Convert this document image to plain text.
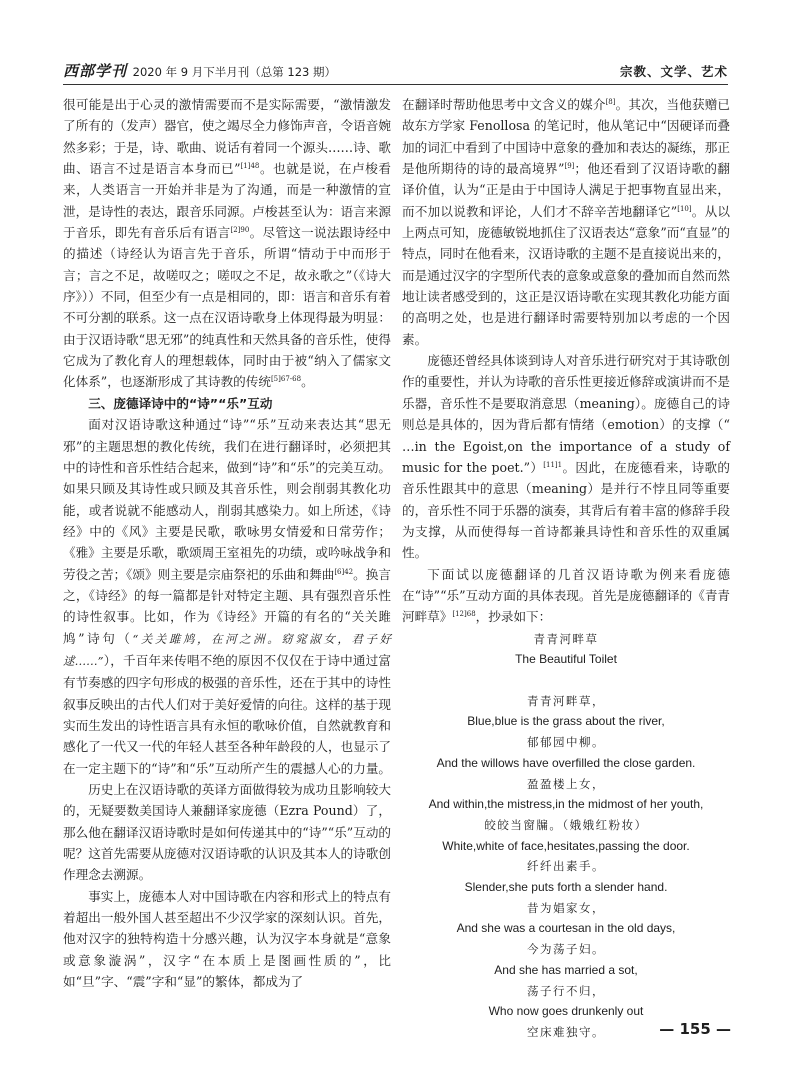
西部学刊 2020 年 9 月下半月刊（总第 123 期）	宗教、文学、艺术

很可能是出于心灵的激情需要而不是实际需要，“激情激发了所有的（发声）器官，使之竭尽全力修饰声音，令语音婉然多彩；于是，诗、歌曲、说话有着同一个源头……诗、歌曲、语言不过是语言本身而已”$^{[1]48}$。也就是说，在卢梭看来，人类语言一开始并非是为了沟通，而是一种激情的宣泄，是诗性的表达，跟音乐同源。卢梭甚至认为：语言来源于音乐，即先有音乐后有语言$^{[2]90}$。尽管这一说法跟诗经中的描述（诗经认为语言先于音乐，所谓“情动于中而形于言；言之不足，故嗟叹之；嗟叹之不足，故永歌之”（《诗大序》））不同，但至少有一点是相同的，即：语言和音乐有着不可分割的联系。这一点在汉语诗歌身上体现得最为明显：由于汉语诗歌“思无邪”的纯真性和天然具备的音乐性，使得它成为了教化育人的理想载体，同时由于被“纳入了儒家文化体系”，也逐渐形成了其诗教的传统$^{[5]67-68}$。

三、庞德译诗中的“诗”“乐”互动

面对汉语诗歌这种通过“诗”“乐”互动来表达其“思无邪”的主题思想的教化传统，我们在进行翻译时，必须把其中的诗性和音乐性结合起来，做到“诗”和“乐”的完美互动。如果只顾及其诗性或只顾及其音乐性，则会削弱其教化功能，或者说就不能感动人，削弱其感染力。如上所述，《诗经》中的《风》主要是民歌，歌咏男女情爱和日常劳作；《雅》主要是乐歌，歌颂周王室祖先的功绩，或吟咏战争和劳役之苦；《颂》则主要是宗庙祭祀的乐曲和舞曲$^{[6]42}$。换言之，《诗经》的每一篇都是针对特定主题、具有强烈音乐性的诗性叙事。比如，作为《诗经》开篇的有名的“关关雎鸠”诗句（“关关雎鸠，在河之洲。窈窕淑女，君子好逑……”），千百年来传唱不绝的原因不仅仅在于诗中通过富有节奏感的四字句形成的极强的音乐性，还在于其中的诗性叙事反映出的古代人们对于美好爱情的向往。这样的基于现实而生发出的诗性语言具有永恒的歌咏价值，自然就教育和感化了一代又一代的年轻人甚至各种年龄段的人，也显示了在一定主题下的“诗”和“乐”互动所产生的震撼人心的力量。

历史上在汉语诗歌的英译方面做得较为成功且影响较大的，无疑要数美国诗人兼翻译家庞德（Ezra Pound）了，那么他在翻译汉语诗歌时是如何传递其中的“诗”“乐”互动的呢？这首先需要从庞德对汉语诗歌的认识及其本人的诗歌创作理念去溯源。

事实上，庞德本人对中国诗歌在内容和形式上的特点有着超出一般外国人甚至超出不少汉学家的深刻认识。首先，他对汉字的独特构造十分感兴趣，认为汉字本身就是“意象或意象漩涡”，汉字“在本质上是图画性质的”，比如“旦”字、“震”字和“显”的繁体，都成为了

在翻译时帮助他思考中文含义的媒介[8]。其次，当他获赠已故东方学家 Fenollosa 的笔记时，他从笔记中“因硬译而叠加的词汇中看到了中国诗中意象的叠加和表达的凝练，那正是他所期待的诗的最高境界”[9]；他还看到了汉语诗歌的翻译价值，认为“正是由于中国诗人满足于把事物直显出来，而不加以说教和评论，人们才不辞辛苦地翻译它”[10]。从以上两点可知，庞德敏锐地抓住了汉语表达“意象”而“直显”的特点，同时在他看来，汉语诗歌的主题不是直接说出来的，而是通过汉字的字型所代表的意象或意象的叠加而自然而然地让读者感受到的，这正是汉语诗歌在实现其教化功能方面的高明之处，也是进行翻译时需要特别加以考虑的一个因素。

庞德还曾经具体谈到诗人对音乐进行研究对于其诗歌创作的重要性，并认为诗歌的音乐性更接近修辞或演讲而不是乐器，音乐性不是要取消意思（meaning）。庞德自己的诗则总是具体的，因为背后都有情绪（emotion）的支撑（“ …in the Egoist,on the importance of a study of music for the poet.”）$^{[11]1}$。因此，在庞德看来，诗歌的音乐性跟其中的意思（meaning）是并行不悖且同等重要的，音乐性不同于乐器的演奏，其背后有着丰富的修辞手段为支撑，从而使得每一首诗都兼具诗性和音乐性的双重属性。

下面试以庞德翻译的几首汉语诗歌为例来看庞德在“诗”“乐”互动方面的具体表现。首先是庞德翻译的《青青河畔草》$^{[12]68}$，抄录如下：

青青河畔草
The Beautiful Toilet
青青河畔草，
Blue,blue is the grass about the river,
郁郁园中柳。
And the willows have overfilled the close garden.
盈盈楼上女，
And within,the mistress,in the midmost of her youth,
皎皎当窗牖。（娥娥红粉妆）
White,white of face,hesitates,passing the door.
纤纤出素手。
Slender,she puts forth a slender hand.
昔为娼家女，
And she was a courtesan in the old days,
今为荡子妇。
And she has married a sot,
荡子行不归，
Who now goes drunkenly out
空床难独守。	— 155 —
